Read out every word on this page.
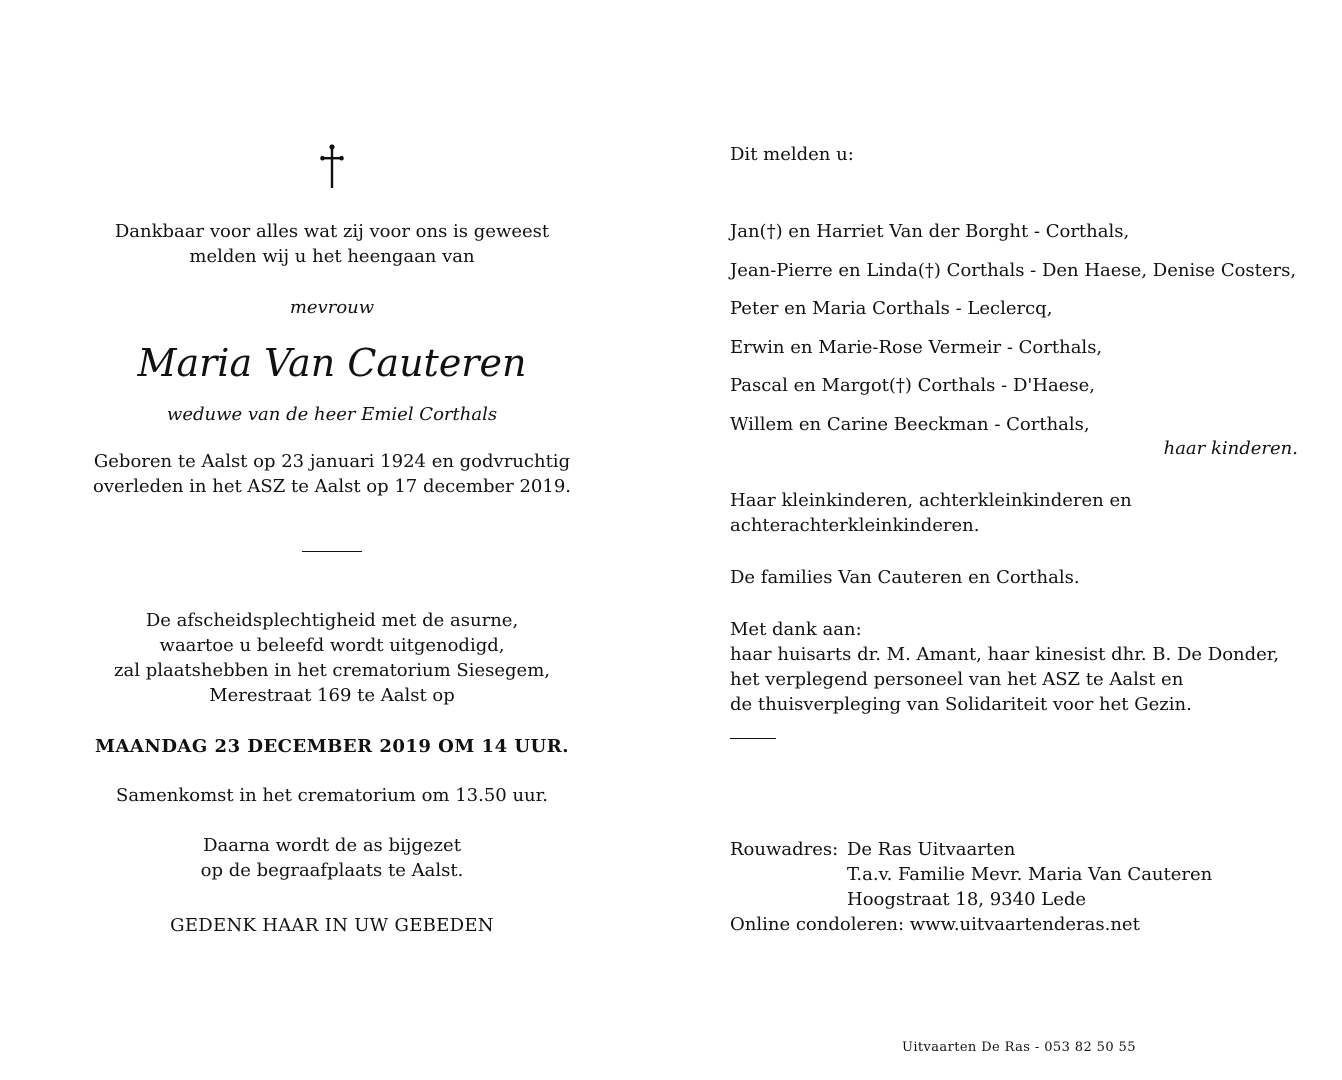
Dankbaar voor alles wat zij voor ons is geweest
melden wij u het heengaan van
mevrouw
Maria Van Cauteren
weduwe van de heer Emiel Corthals
Geboren te Aalst op 23 januari 1924 en godvruchtig
overleden in het ASZ te Aalst op 17 december 2019.
De afscheidsplechtigheid met de asurne,
waartoe u beleefd wordt uitgenodigd,
zal plaatshebben in het crematorium Siesegem,
Merestraat 169 te Aalst op
MAANDAG 23 DECEMBER 2019 OM 14 UUR.
Samenkomst in het crematorium om 13.50 uur.
Daarna wordt de as bijgezet
op de begraafplaats te Aalst.
GEDENK HAAR IN UW GEBEDEN
Dit melden u:
Jan(†) en Harriet Van der Borght - Corthals,
Jean-Pierre en Linda(†) Corthals - Den Haese, Denise Costers,
Peter en Maria Corthals - Leclercq,
Erwin en Marie-Rose Vermeir - Corthals,
Pascal en Margot(†) Corthals - D'Haese,
Willem en Carine Beeckman - Corthals,
haar kinderen.
Haar kleinkinderen, achterkleinkinderen en
achterachterkleinkinderen.
De families Van Cauteren en Corthals.
Met dank aan:
haar huisarts dr. M. Amant, haar kinesist dhr. B. De Donder,
het verplegend personeel van het ASZ te Aalst en
de thuisverpleging van Solidariteit voor het Gezin.
Rouwadres: De Ras Uitvaarten
T.a.v. Familie Mevr. Maria Van Cauteren
Hoogstraat 18, 9340 Lede
Online condoleren: www.uitvaartenderas.net
Uitvaarten De Ras - 053 82 50 55
